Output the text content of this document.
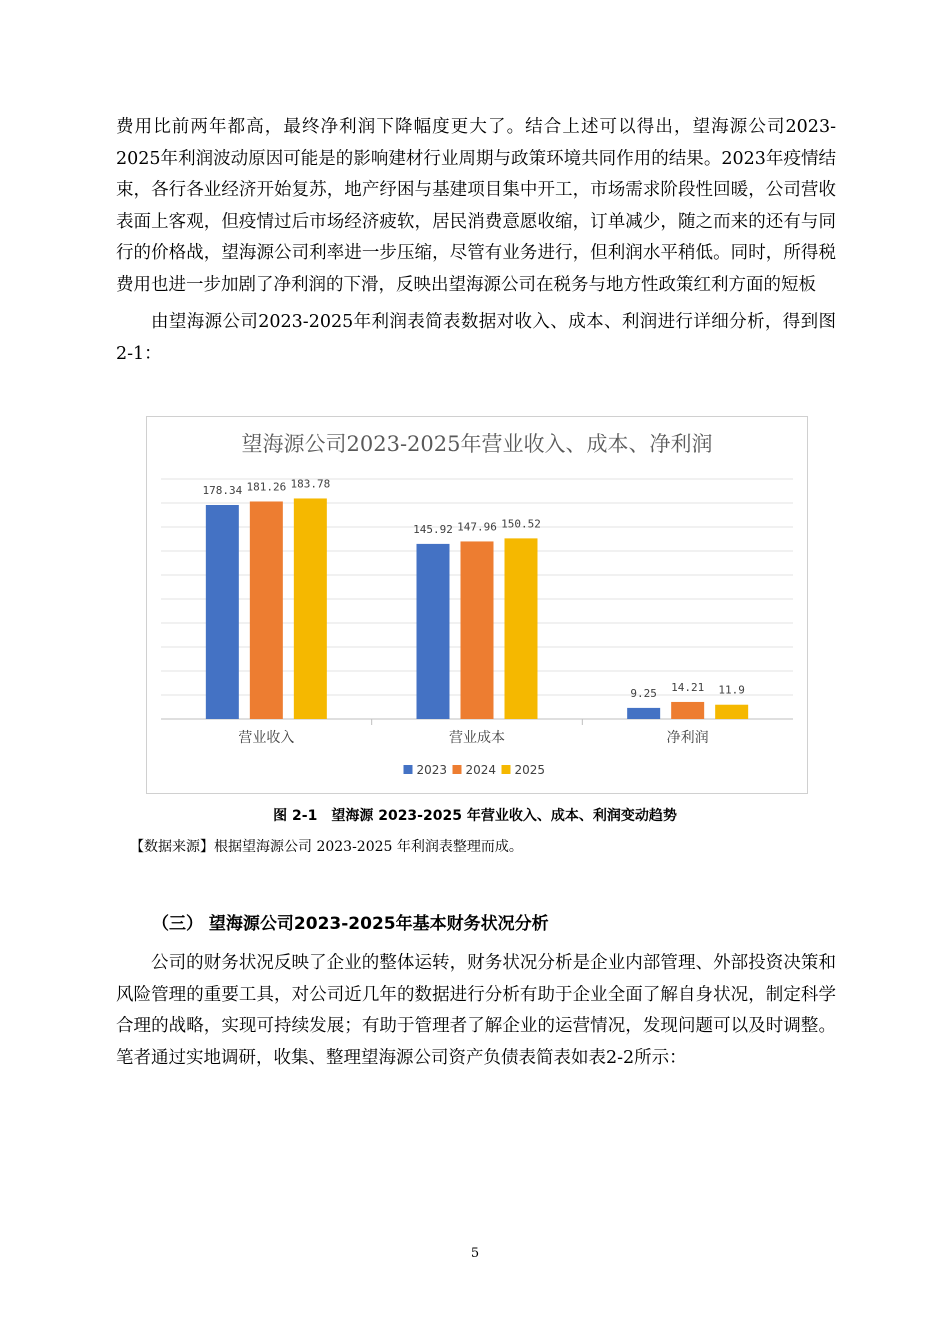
费用比前两年都高，最终净利润下降幅度更大了。结合上述可以得出，望海源公司2023-2025年利润波动原因可能是的影响建材行业周期与政策环境共同作用的结果。2023年疫情结束，各行各业经济开始复苏，地产纾困与基建项目集中开工，市场需求阶段性回暖，公司营收表面上客观，但疫情过后市场经济疲软，居民消费意愿收缩，订单减少，随之而来的还有与同行的价格战，望海源公司利率进一步压缩，尽管有业务进行，但利润水平稍低。同时，所得税费用也进一步加剧了净利润的下滑，反映出望海源公司在税务与地方性政策红利方面的短板

由望海源公司2023-2025年利润表简表数据对收入、成本、利润进行详细分析，得到图2-1：

望海源公司2023-2025年营业收入、成本、净利润
178.34 181.26 183.78
145.92 147.96 150.52
9.25 14.21 11.9
营业收入	营业成本	净利润
2023 2024 2025
图 2-1　望海源 2023-2025 年营业收入、成本、利润变动趋势
【数据来源】根据望海源公司 2023-2025 年利润表整理而成。
（三） 望海源公司2023-2025年基本财务状况分析

公司的财务状况反映了企业的整体运转，财务状况分析是企业内部管理、外部投资决策和风险管理的重要工具，对公司近几年的数据进行分析有助于企业全面了解自身状况，制定科学合理的战略，实现可持续发展；有助于管理者了解企业的运营情况，发现问题可以及时调整。笔者通过实地调研，收集、整理望海源公司资产负债表简表如表2-2所示：

5
